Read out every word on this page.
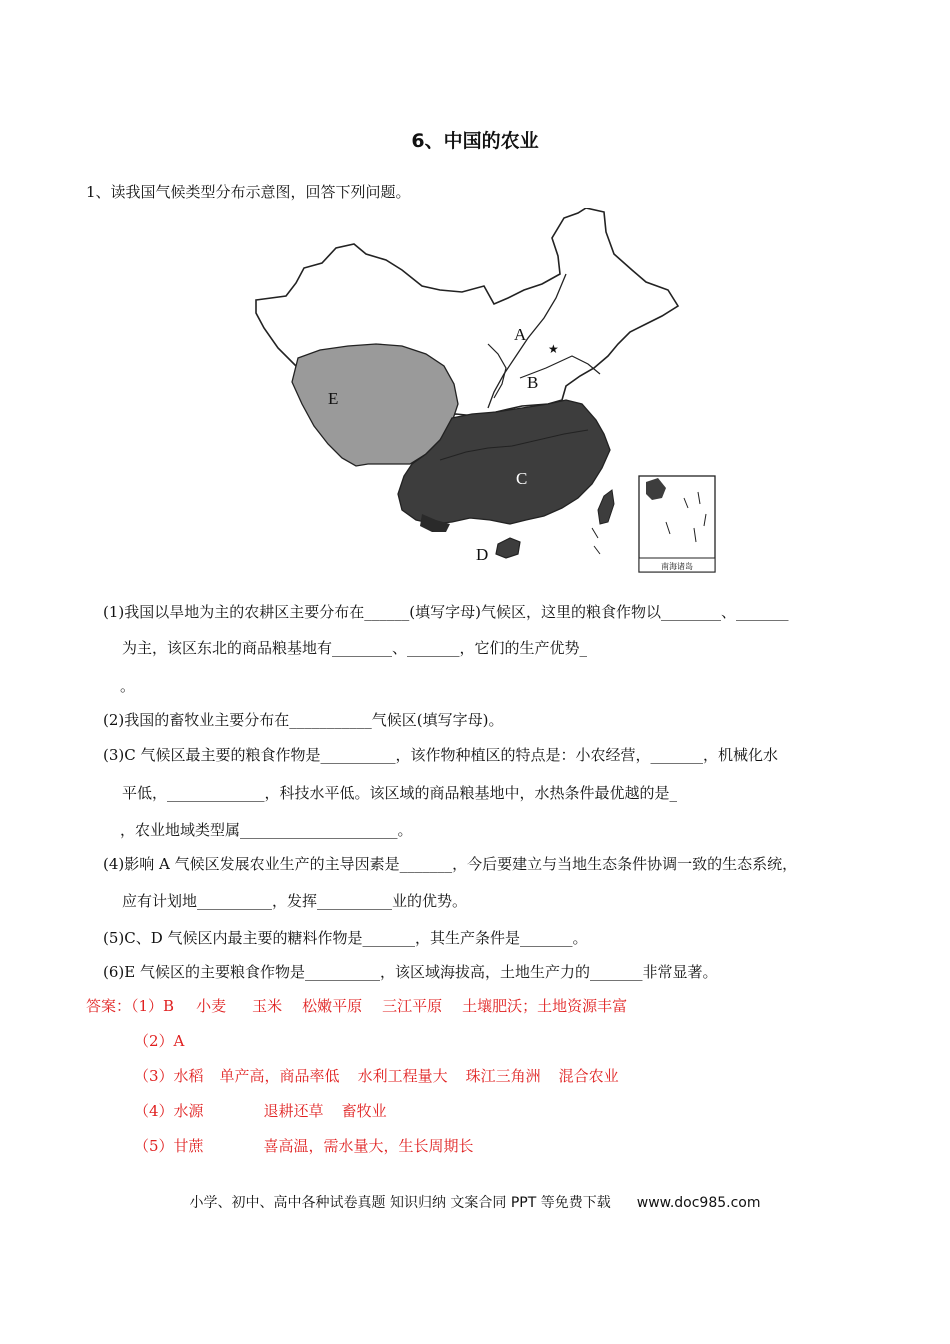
6、中国的农业
1、读我国气候类型分布示意图，回答下列问题。
★
A
B
C
D
E
南海诸岛
(1)我国以旱地为主的农耕区主要分布在______(填写字母)气候区，这里的粮食作物以________、_______
为主，该区东北的商品粮基地有________、_______，它们的生产优势_
。
(2)我国的畜牧业主要分布在___________气候区(填写字母)。
(3)C 气候区最主要的粮食作物是__________，该作物种植区的特点是：小农经营，_______，机械化水
平低，_____________，科技水平低。该区域的商品粮基地中，水热条件最优越的是_
，农业地域类型属_____________________。
(4)影响 A 气候区发展农业生产的主导因素是_______，今后要建立与当地生态条件协调一致的生态系统，
应有计划地__________，发挥__________业的优势。
(5)C、D 气候区内最主要的糖料作物是_______，其生产条件是_______。
(6)E 气候区的主要粮食作物是__________，该区域海拔高，土地生产力的_______非常显著。
答案：（1）B 小麦 玉米 松嫩平原 三江平原 土壤肥沃；土地资源丰富
（2）A
（3）水稻 单产高，商品率低 水利工程量大 珠江三角洲 混合农业
（4）水源	退耕还草 畜牧业
（5）甘蔗	喜高温，需水量大，生长周期长
小学、初中、高中各种试卷真题 知识归纳 文案合同 PPT 等免费下载 www.doc985.com
